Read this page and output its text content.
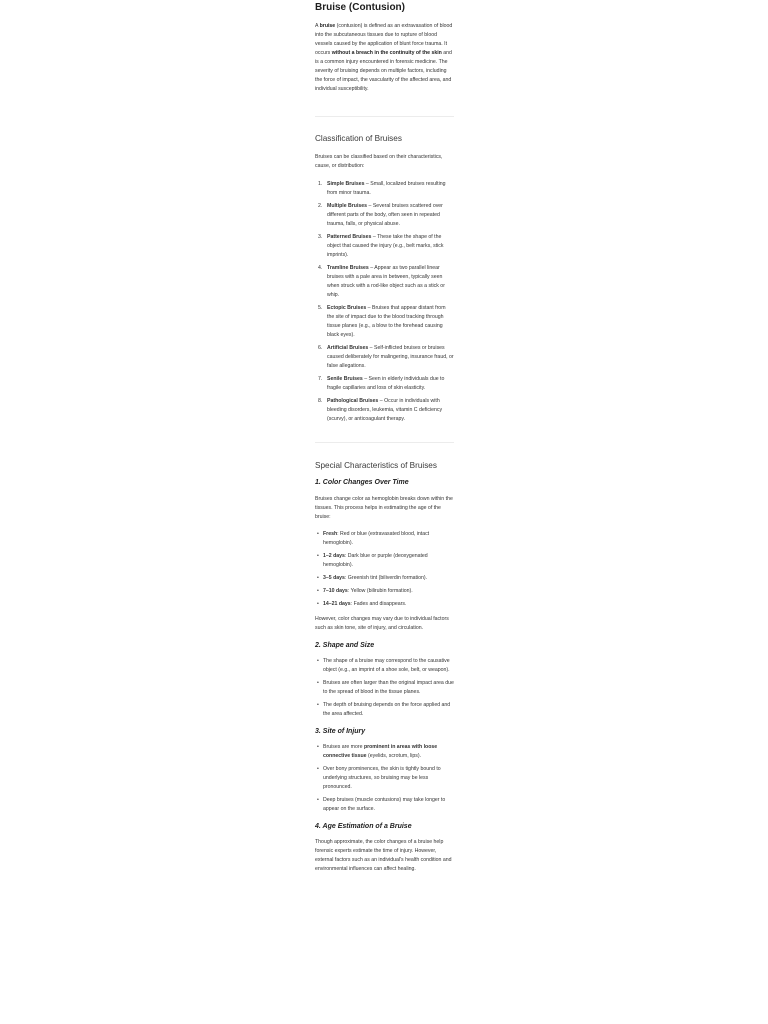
Bruise (Contusion)

A bruise (contusion) is defined as an extravasation of blood into the subcutaneous tissues due to rupture of blood vessels caused by the application of blunt force trauma. It occurs without a breach in the continuity of the skin and is a common injury encountered in forensic medicine. The severity of bruising depends on multiple factors, including the force of impact, the vascularity of the affected area, and individual susceptibility.

Classification of Bruises

Bruises can be classified based on their characteristics, cause, or distribution:

1. Simple Bruises – Small, localized bruises resulting from minor trauma.
2. Multiple Bruises – Several bruises scattered over different parts of the body, often seen in repeated trauma, falls, or physical abuse.
3. Patterned Bruises – These take the shape of the object that caused the injury (e.g., belt marks, stick imprints).
4. Tramline Bruises – Appear as two parallel linear bruises with a pale area in between, typically seen when struck with a rod-like object such as a stick or whip.
5. Ectopic Bruises – Bruises that appear distant from the site of impact due to the blood tracking through tissue planes (e.g., a blow to the forehead causing black eyes).
6. Artificial Bruises – Self-inflicted bruises or bruises caused deliberately for malingering, insurance fraud, or false allegations.
7. Senile Bruises – Seen in elderly individuals due to fragile capillaries and loss of skin elasticity.
8. Pathological Bruises – Occur in individuals with bleeding disorders, leukemia, vitamin C deficiency (scurvy), or anticoagulant therapy.
Special Characteristics of Bruises
1. Color Changes Over Time

Bruises change color as hemoglobin breaks down within the tissues. This process helps in estimating the age of the bruise:

• Fresh: Red or blue (extravasated blood, intact hemoglobin).
• 1–2 days: Dark blue or purple (deoxygenated hemoglobin).
• 3–5 days: Greenish tint (biliverdin formation).
• 7–10 days: Yellow (bilirubin formation).
• 14–21 days: Fades and disappears.

However, color changes may vary due to individual factors such as skin tone, site of injury, and circulation.

2. Shape and Size
• The shape of a bruise may correspond to the causative object (e.g., an imprint of a shoe sole, belt, or weapon).
• Bruises are often larger than the original impact area due to the spread of blood in the tissue planes.
• The depth of bruising depends on the force applied and the area affected.
3. Site of Injury
• Bruises are more prominent in areas with loose connective tissue (eyelids, scrotum, lips).
• Over bony prominences, the skin is tightly bound to underlying structures, so bruising may be less pronounced.
• Deep bruises (muscle contusions) may take longer to appear on the surface.
4. Age Estimation of a Bruise

Though approximate, the color changes of a bruise help forensic experts estimate the time of injury. However, external factors such as an individual's health condition and environmental influences can affect healing.
